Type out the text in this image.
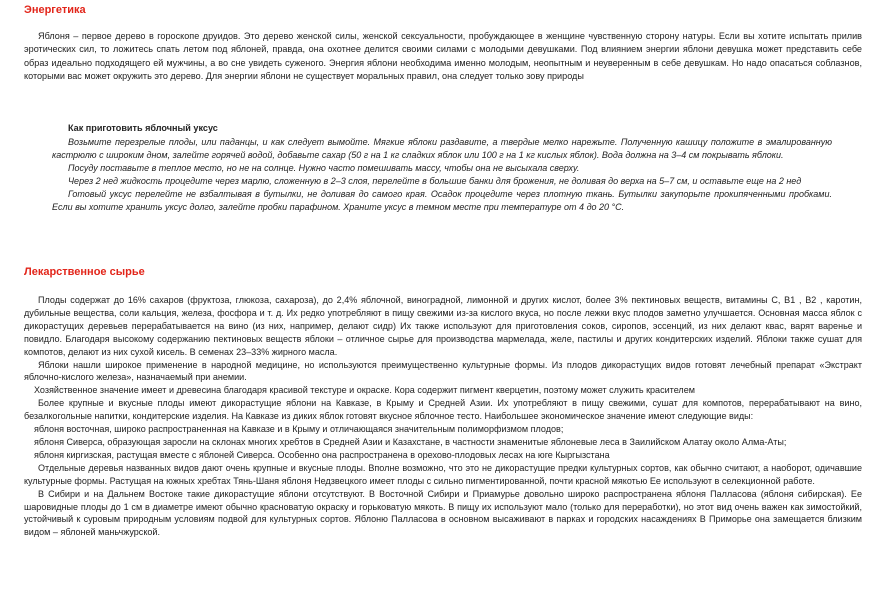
Энергетика

Яблоня – первое дерево в гороскопе друидов. Это дерево женской силы, женской сексуальности, пробуждающее в женщине чувственную сторону натуры. Если вы хотите испытать прилив эротических сил, то ложитесь спать летом под яблоней, правда, она охотнее делится своими силами с молодыми девушками. Под влиянием энергии яблони девушка может представить себе образ идеально подходящего ей мужчины, а во сне увидеть суженого. Энергия яблони необходима именно молодым, неопытным и неуверенным в себе девушкам. Но надо опасаться соблазнов, которыми вас может окружить это дерево. Для энергии яблони не существует моральных правил, она следует только зову природы

Как приготовить яблочный уксус

Возьмите перезрелые плоды, или паданцы, и как следует вымойте. Мягкие яблоки раздавите, а твердые мелко нарежьте. Полученную кашицу положите в эмалированную кастрюлю с широким дном, залейте горячей водой, добавьте сахар (50 г на 1 кг сладких яблок или 100 г на 1 кг кислых яблок). Вода должна на 3–4 см покрывать яблоки.

Посуду поставьте в теплое место, но не на солнце. Нужно часто помешивать массу, чтобы она не высыхала сверху.

Через 2 нед жидкость процедите через марлю, сложенную в 2–3 слоя, перелейте в большие банки для брожения, не доливая до верха на 5–7 см, и оставьте еще на 2 нед

Готовый уксус перелейте не взбалтывая в бутылки, не доливая до самого края. Осадок процедите через плотную ткань. Бутылки закупорьте прокипяченными пробками. Если вы хотите хранить уксус долго, залейте пробки парафином. Храните уксус в темном месте при температуре от 4 до 20 °С.

Лекарственное сырье

Плоды содержат до 16% сахаров (фруктоза, глюкоза, сахароза), до 2,4% яблочной, виноградной, лимонной и других кислот, более 3% пектиновых веществ, витамины С, В1 , В2 , каротин, дубильные вещества, соли кальция, железа, фосфора и т. д. Их редко употребляют в пищу свежими из-за кислого вкуса, но после лежки вкус плодов заметно улучшается. Основная масса яблок с дикорастущих деревьев перерабатывается на вино (из них, например, делают сидр) Их также используют для приготовления соков, сиропов, эссенций, из них делают квас, варят варенье и повидло. Благодаря высокому содержанию пектиновых веществ яблоки – отличное сырье для производства мармелада, желе, пастилы и других кондитерских изделий. Яблоки также сушат для компотов, делают из них сухой кисель. В семенах 23–33% жирного масла.

Яблоки нашли широкое применение в народной медицине, но используются преимущественно культурные формы. Из плодов дикорастущих видов готовят лечебный препарат «Экстракт яблочно-кислого железа», назначаемый при анемии.

Хозяйственное значение имеет и древесина благодаря красивой текстуре и окраске. Кора содержит пигмент кверцетин, поэтому может служить красителем

Более крупные и вкусные плоды имеют дикорастущие яблони на Кавказе, в Крыму и Средней Азии. Их употребляют в пищу свежими, сушат для компотов, перерабатывают на вино, безалкогольные напитки, кондитерские изделия. На Кавказе из диких яблок готовят вкусное яблочное тесто. Наибольшее экономическое значение имеют следующие виды:

яблоня восточная, широко распространенная на Кавказе и в Крыму и отличающаяся значительным полиморфизмом плодов;

яблоня Сиверса, образующая заросли на склонах многих хребтов в Средней Азии и Казахстане, в частности знаменитые яблоневые леса в Заилийском Алатау около Алма-Аты;

яблоня киргизская, растущая вместе с яблоней Сиверса. Особенно она распространена в орехово-плодовых лесах на юге Кыргызстана

Отдельные деревья названных видов дают очень крупные и вкусные плоды. Вполне возможно, что это не дикорастущие предки культурных сортов, как обычно считают, а наоборот, одичавшие культурные формы. Растущая на южных хребтах Тянь-Шаня яблоня Недзвецкого имеет плоды с сильно пигментированной, почти красной мякотью Ее используют в селекционной работе.

В Сибири и на Дальнем Востоке такие дикорастущие яблони отсутствуют. В Восточной Сибири и Приамурье довольно широко распространена яблоня Палласова (яблоня сибирская). Ее шаровидные плоды до 1 см в диаметре имеют обычно красноватую окраску и горьковатую мякоть. В пищу их используют мало (только для переработки), но этот вид очень важен как зимостойкий, устойчивый к суровым природным условиям подвой для культурных сортов. Яблоню Палласова в основном высаживают в парках и городских насаждениях В Приморье она замещается близким видом – яблоней маньчжурской.
